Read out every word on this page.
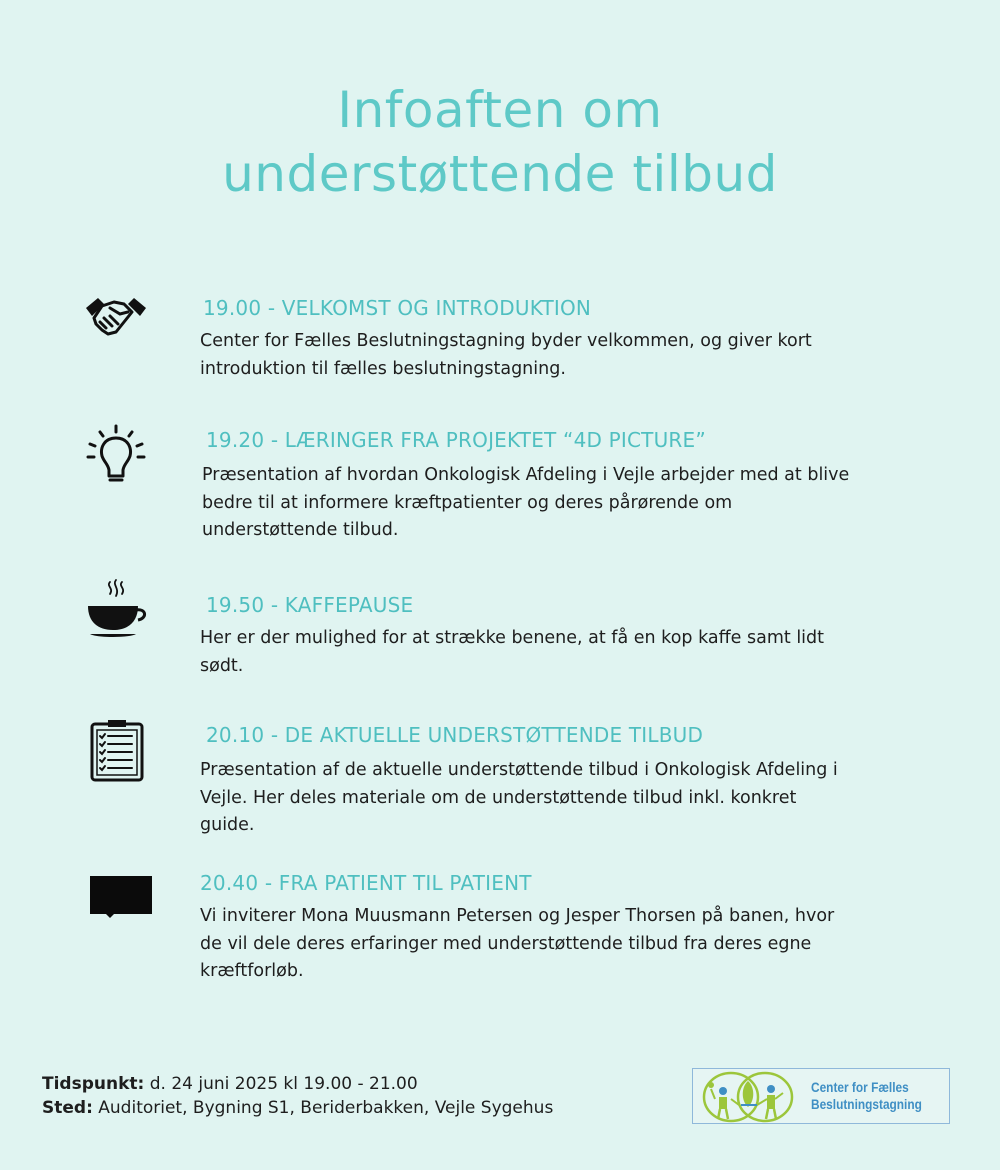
Infoaften om
understøttende tilbud
19.00 - VELKOMST OG INTRODUKTION
Center for Fælles Beslutningstagning byder velkommen, og giver kort
introduktion til fælles beslutningstagning.
19.20 - LÆRINGER FRA PROJEKTET “4D PICTURE”
Præsentation af hvordan Onkologisk Afdeling i Vejle arbejder med at blive
bedre til at informere kræftpatienter og deres pårørende om
understøttende tilbud.
19.50 - KAFFEPAUSE
Her er der mulighed for at strække benene, at få en kop kaffe samt lidt
sødt.
20.10 - DE AKTUELLE UNDERSTØTTENDE TILBUD
Præsentation af de aktuelle understøttende tilbud i Onkologisk Afdeling i
Vejle. Her deles materiale om de understøttende tilbud inkl. konkret
guide.
20.40 - FRA PATIENT TIL PATIENT
Vi inviterer Mona Muusmann Petersen og Jesper Thorsen på banen, hvor
de vil dele deres erfaringer med understøttende tilbud fra deres egne
kræftforløb.
Tidspunkt: d. 24 juni 2025 kl 19.00 - 21.00
Sted: Auditoriet, Bygning S1, Beriderbakken, Vejle Sygehus
Center for Fælles
Beslutningstagning
